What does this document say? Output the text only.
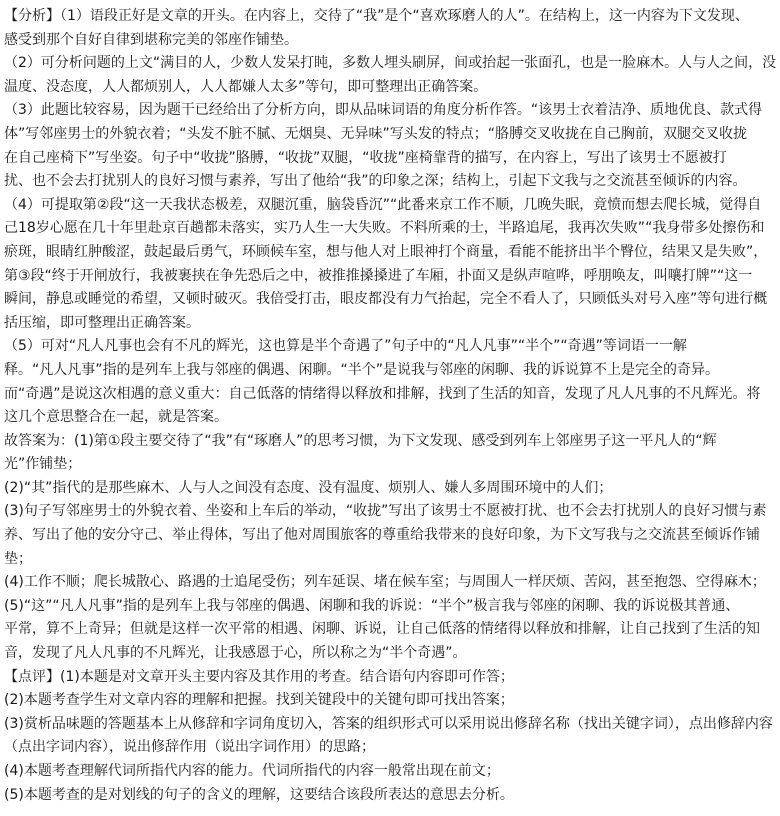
【分析】（1）语段正好是文章的开头。在内容上，交待了“我”是个“喜欢琢磨人的人”。在结构上，这一内容为下文发现、
感受到那个自好自律到堪称完美的邻座作铺垫。
（2）可分析问题的上文“满目的人，少数人发呆打盹，多数人埋头刷屏，间或抬起一张面孔，也是一脸麻木。人与人之间，没
温度、没态度，人人都烦别人，人人都嫌人太多”等句，即可整理出正确答案。
（3）此题比较容易，因为题干已经给出了分析方向，即从品味词语的角度分析作答。“该男士衣着洁净、质地优良、款式得
体”写邻座男士的外貌衣着；“头发不脏不腻、无烟臭、无异味”写头发的特点；“胳膊交叉收拢在自己胸前，双腿交叉收拢
在自己座椅下”写坐姿。句子中“收拢”胳膊，“收拢”双腿，“收拢”座椅靠背的描写，在内容上，写出了该男士不愿被打
扰、也不会去打扰别人的良好习惯与素养，写出了他给“我”的印象之深；结构上，引起下文我与之交流甚至倾诉的内容。
（4）可提取第②段“这一天我状态极差，双腿沉重，脑袋昏沉”“此番来京工作不顺，几晚失眠，竟愤而想去爬长城，觉得自
己18岁心愿在几十年里赴京百趟都未落实，实乃人生一大失败。不料所乘的士，半路追尾，我再次失败”“我身带多处擦伤和
瘀斑，眼睛红肿酸涩，鼓起最后勇气，环顾候车室，想与他人对上眼神打个商量，看能不能挤出半个臀位，结果又是失败”，
第③段“终于开闸放行，我被裹挟在争先恐后之中，被推推搡搡进了车厢，扑面又是纵声喧哗，呼朋唤友，叫嚷打牌”“这一
瞬间，静息或睡觉的希望，又顿时破灭。我倍受打击，眼皮都没有力气抬起，完全不看人了，只顾低头对号入座”等句进行概
括压缩，即可整理出正确答案。
（5）可对“凡人凡事也会有不凡的辉光，这也算是半个奇遇了”句子中的“凡人凡事”“半个”“奇遇”等词语一一解
释。“凡人凡事”指的是列车上我与邻座的偶遇、闲聊。“半个”是说我与邻座的闲聊、我的诉说算不上是完全的奇异。
而“奇遇”是说这次相遇的意义重大：自己低落的情绪得以释放和排解，找到了生活的知音，发现了凡人凡事的不凡辉光。将
这几个意思整合在一起，就是答案。
故答案为：(1)第①段主要交待了“我”有“琢磨人”的思考习惯，为下文发现、感受到列车上邻座男子这一平凡人的“辉
光”作铺垫；
(2)“其”指代的是那些麻木、人与人之间没有态度、没有温度、烦别人、嫌人多周围环境中的人们；
(3)句子写邻座男士的外貌衣着、坐姿和上车后的举动，“收拢”写出了该男士不愿被打扰、也不会去打扰别人的良好习惯与素
养、写出了他的安分守己、举止得体，写出了他对周围旅客的尊重给我带来的良好印象，为下文写我与之交流甚至倾诉作铺
垫；
(4)工作不顺；爬长城散心、路遇的士追尾受伤；列车延误、堵在候车室；与周围人一样厌烦、苦闷，甚至抱怨、空得麻木；
(5)“这”“凡人凡事”指的是列车上我与邻座的偶遇、闲聊和我的诉说：“半个”极言我与邻座的闲聊、我的诉说极其普通、
平常，算不上奇异；但就是这样一次平常的相遇、闲聊、诉说，让自己低落的情绪得以释放和排解，让自己找到了生活的知
音，发现了凡人凡事的不凡辉光，让我感恩于心，所以称之为“半个奇遇”。
【点评】(1)本题是对文章开头主要内容及其作用的考查。结合语句内容即可作答；
(2)本题考查学生对文章内容的理解和把握。找到关键段中的关键句即可找出答案；
(3)赏析品味题的答题基本上从修辞和字词角度切入，答案的组织形式可以采用说出修辞名称（找出关键字词），点出修辞内容
（点出字词内容），说出修辞作用（说出字词作用）的思路；
(4)本题考查理解代词所指代内容的能力。代词所指代的内容一般常出现在前文；
(5)本题考查的是对划线的句子的含义的理解，这要结合该段所表达的意思去分析。
